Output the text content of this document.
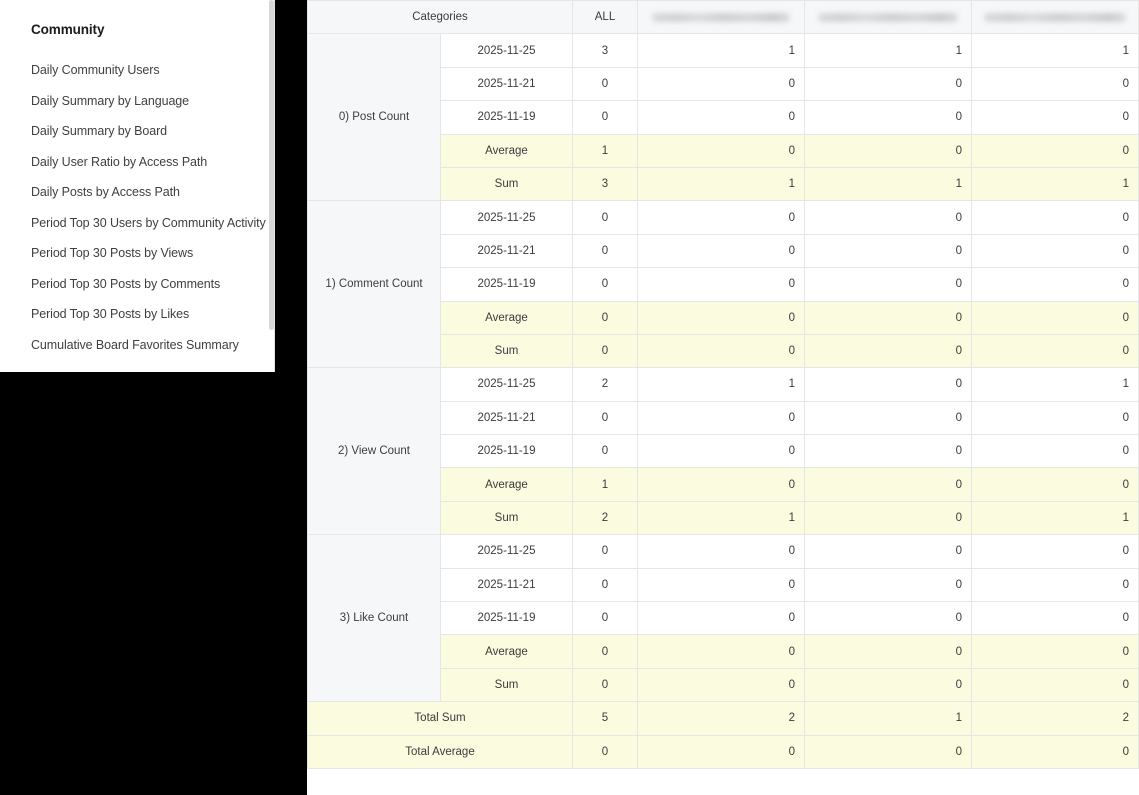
Community
Daily Community Users
Daily Summary by Language
Daily Summary by Board
Daily User Ratio by Access Path
Daily Posts by Access Path
Period Top 30 Users by Community Activity
Period Top 30 Posts by Views
Period Top 30 Posts by Comments
Period Top 30 Posts by Likes
Cumulative Board Favorites Summary
Categories		ALL	

0) Post Count	2025-11-25	3	1	1	1
	2025-11-21	0	0	0	0
	2025-11-19	0	0	0	0
	Average	1	0	0	0
	Sum	3	1	1	1
1) Comment Count	2025-11-25	0	0	0	0
	2025-11-21	0	0	0	0
	2025-11-19	0	0	0	0
	Average	0	0	0	0
	Sum	0	0	0	0
2) View Count	2025-11-25	2	1	0	1
	2025-11-21	0	0	0	0
	2025-11-19	0	0	0	0
	Average	1	0	0	0
	Sum	2	1	0	1
3) Like Count	2025-11-25	0	0	0	0
	2025-11-21	0	0	0	0
	2025-11-19	0	0	0	0
	Average	0	0	0	0
	Sum	0	0	0	0
Total Sum		5	2	1	2
Total Average		0	0	0	0
